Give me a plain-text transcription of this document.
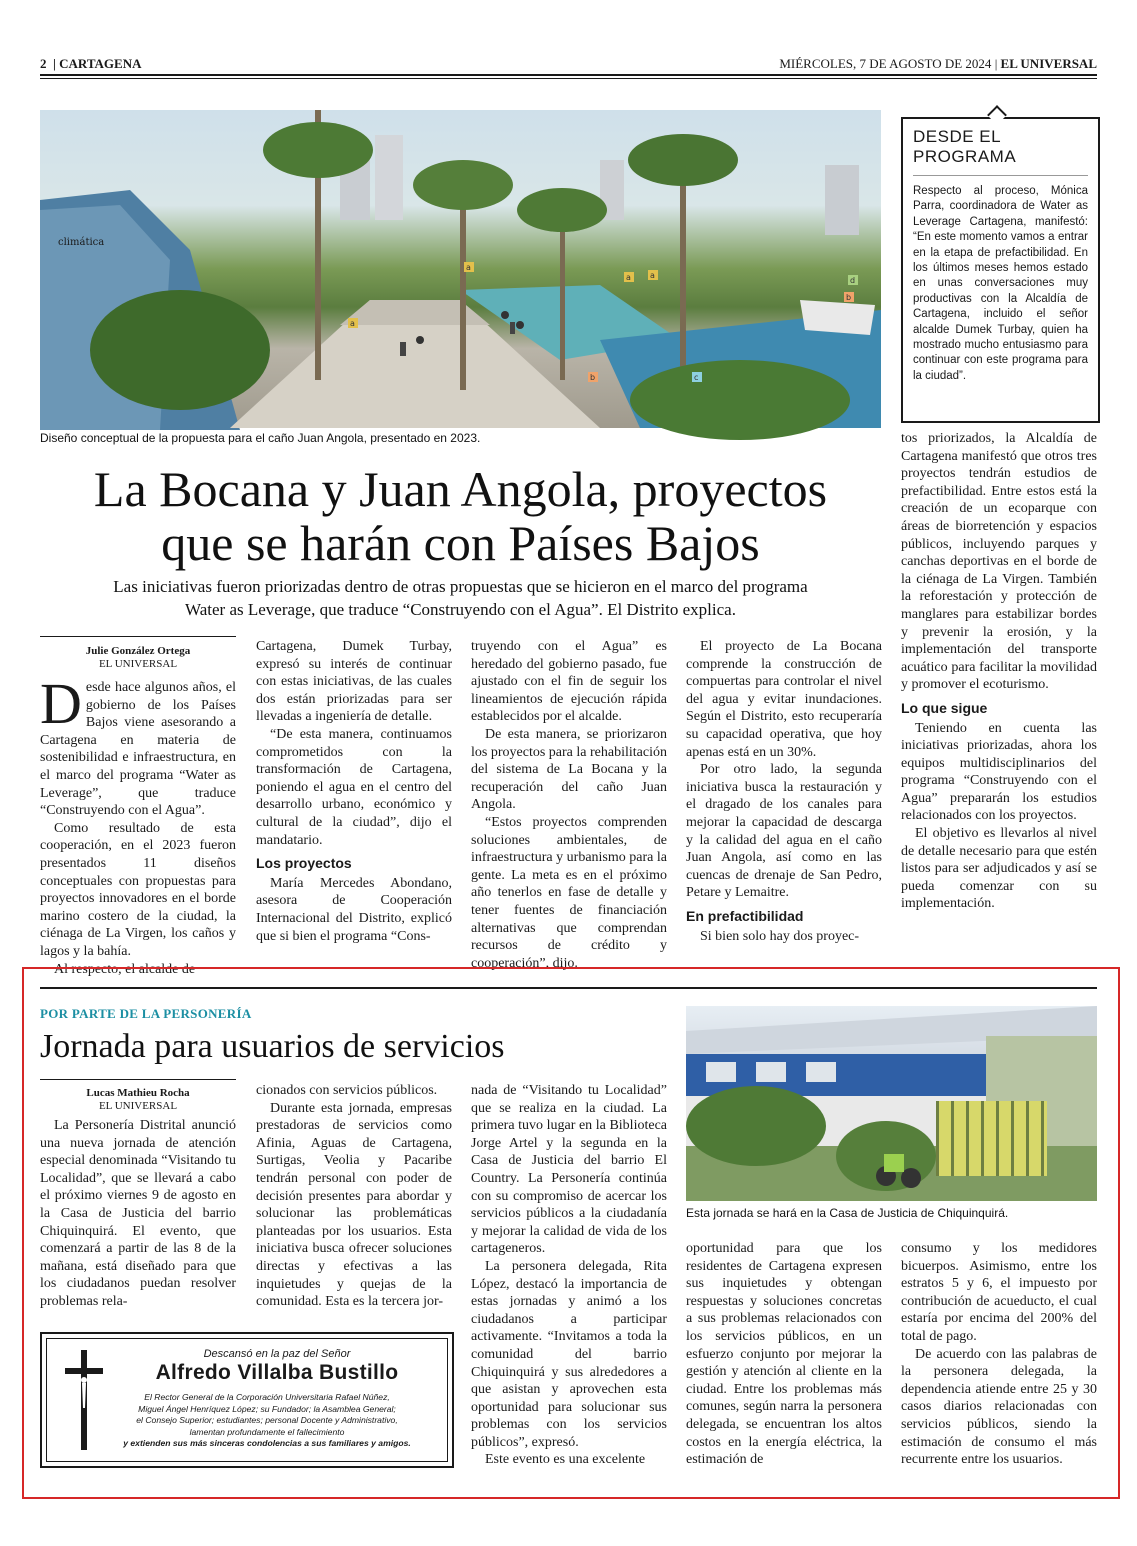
2  | CARTAGENA	MIÉRCOLES, 7 DE AGOSTO DE 2024 | EL UNIVERSAL
climática
a
a
a a
b	c
d
b
Diseño conceptual de la propuesta para el caño Juan Angola, presentado en 2023.
DESDE EL PROGRAMA
Respecto al proceso, Mónica Parra, coordinadora de Water as Leverage Cartagena, manifestó: “En este momento vamos a entrar en la etapa de prefactibilidad. En los últimos meses hemos estado en unas conversaciones muy productivas con la Alcaldía de Cartagena, incluido el señor alcalde Dumek Turbay, quien ha mostrado mucho entusiasmo para continuar con este programa para la ciudad”.
La Bocana y Juan Angola, proyectos
que se harán con Países Bajos
Las iniciativas fueron priorizadas dentro de otras propuestas que se hicieron en el marco del programa
Water as Leverage, que traduce “Construyendo con el Agua”. El Distrito explica.
Julie González Ortega
EL UNIVERSAL

Desde hace algunos años, el gobierno de los Países Bajos viene asesorando a Cartagena en materia de sostenibilidad e infraestructura, en el marco del programa “Water as Leverage”, que traduce “Construyendo con el Agua”.

Como resultado de esta cooperación, en el 2023 fueron presentados 11 diseños conceptuales con propuestas para proyectos innovadores en el borde marino costero de la ciudad, la ciénaga de La Virgen, los caños y lagos y la bahía.

Al respecto, el alcalde de

Cartagena, Dumek Turbay, expresó su interés de continuar con estas iniciativas, de las cuales dos están priorizadas para ser llevadas a ingeniería de detalle.

“De esta manera, continuamos comprometidos con la transformación de Cartagena, poniendo el agua en el centro del desarrollo urbano, económico y cultural de la ciudad”, dijo el mandatario.

Los proyectos

María Mercedes Abondano, asesora de Cooperación Internacional del Distrito, explicó que si bien el programa “Cons-

truyendo con el Agua” es heredado del gobierno pasado, fue ajustado con el fin de seguir los lineamientos de ejecución rápida establecidos por el alcalde.

De esta manera, se priorizaron los proyectos para la rehabilitación del sistema de La Bocana y la recuperación del caño Juan Angola.

“Estos proyectos comprenden soluciones ambientales, de infraestructura y urbanismo para la gente. La meta es en el próximo año tenerlos en fase de detalle y tener fuentes de financiación alternativas que comprendan recursos de crédito y cooperación”, dijo.

El proyecto de La Bocana comprende la construcción de compuertas para controlar el nivel del agua y evitar inundaciones. Según el Distrito, esto recuperaría su capacidad operativa, que hoy apenas está en un 30%.

Por otro lado, la segunda iniciativa busca la restauración y el dragado de los canales para mejorar la capacidad de descarga y la calidad del agua en el caño Juan Angola, así como en las cuencas de drenaje de San Pedro, Petare y Lemaitre.

En prefactibilidad

Si bien solo hay dos proyec-

tos priorizados, la Alcaldía de Cartagena manifestó que otros tres proyectos tendrán estudios de prefactibilidad. Entre estos está la creación de un ecoparque con áreas de biorretención y espacios públicos, incluyendo parques y canchas deportivas en el borde de la ciénaga de La Virgen. También la reforestación y protección de manglares para estabilizar bordes y prevenir la erosión, y la implementación del transporte acuático para facilitar la movilidad y promover el ecoturismo.

Lo que sigue

Teniendo en cuenta las iniciativas priorizadas, ahora los equipos multidisciplinarios del programa “Construyendo con el Agua” prepararán los estudios relacionados con los proyectos.

El objetivo es llevarlos al nivel de detalle necesario para que estén listos para ser adjudicados y así se pueda comenzar con su implementación.

POR PARTE DE LA PERSONERÍA
Jornada para usuarios de servicios
Esta jornada se hará en la Casa de Justicia de Chiquinquirá.
Lucas Mathieu Rocha
EL UNIVERSAL

La Personería Distrital anunció una nueva jornada de atención especial denominada “Visitando tu Localidad”, que se llevará a cabo el próximo viernes 9 de agosto en la Casa de Justicia del barrio Chiquinquirá. El evento, que comenzará a partir de las 8 de la mañana, está diseñado para que los ciudadanos puedan resolver problemas rela-

cionados con servicios públicos.

Durante esta jornada, empresas prestadoras de servicios como Afinia, Aguas de Cartagena, Surtigas, Veolia y Pacaribe tendrán personal con poder de decisión presentes para abordar y solucionar las problemáticas planteadas por los usuarios. Esta iniciativa busca ofrecer soluciones directas y efectivas a las inquietudes y quejas de la comunidad. Esta es la tercera jor-

nada de “Visitando tu Localidad” que se realiza en la ciudad. La primera tuvo lugar en la Biblioteca Jorge Artel y la segunda en la Casa de Justicia del barrio El Country. La Personería continúa con su compromiso de acercar los servicios públicos a la ciudadanía y mejorar la calidad de vida de los cartageneros.

La personera delegada, Rita López, destacó la importancia de estas jornadas y animó a los ciudadanos a participar activamente. “Invitamos a toda la comunidad del barrio Chiquinquirá y sus alrededores a que asistan y aprovechen esta oportunidad para solucionar sus problemas con los servicios públicos”, expresó.

Este evento es una excelente

oportunidad para que los residentes de Cartagena expresen sus inquietudes y obtengan respuestas y soluciones concretas a sus problemas relacionados con los servicios públicos, en un esfuerzo conjunto por mejorar la gestión y atención al cliente en la ciudad. Entre los problemas más comunes, según narra la personera delegada, se encuentran los altos costos en la energía eléctrica, la estimación de

consumo y los medidores bicuerpos. Asimismo, entre los estratos 5 y 6, el impuesto por contribución de acueducto, el cual estaría por encima del 200% del total de pago.

De acuerdo con las palabras de la personera delegada, la dependencia atiende entre 25 y 30 casos diarios relacionadas con servicios públicos, siendo la estimación de consumo el más recurrente entre los usuarios.

Descansó en la paz del Señor
Alfredo Villalba Bustillo
El Rector General de la Corporación Universitaria Rafael Núñez,
Miguel Ángel Henríquez López; su Fundador; la Asamblea General;
el Consejo Superior; estudiantes; personal Docente y Administrativo,
lamentan profundamente el fallecimiento
y extienden sus más sinceras condolencias a sus familiares y amigos.
